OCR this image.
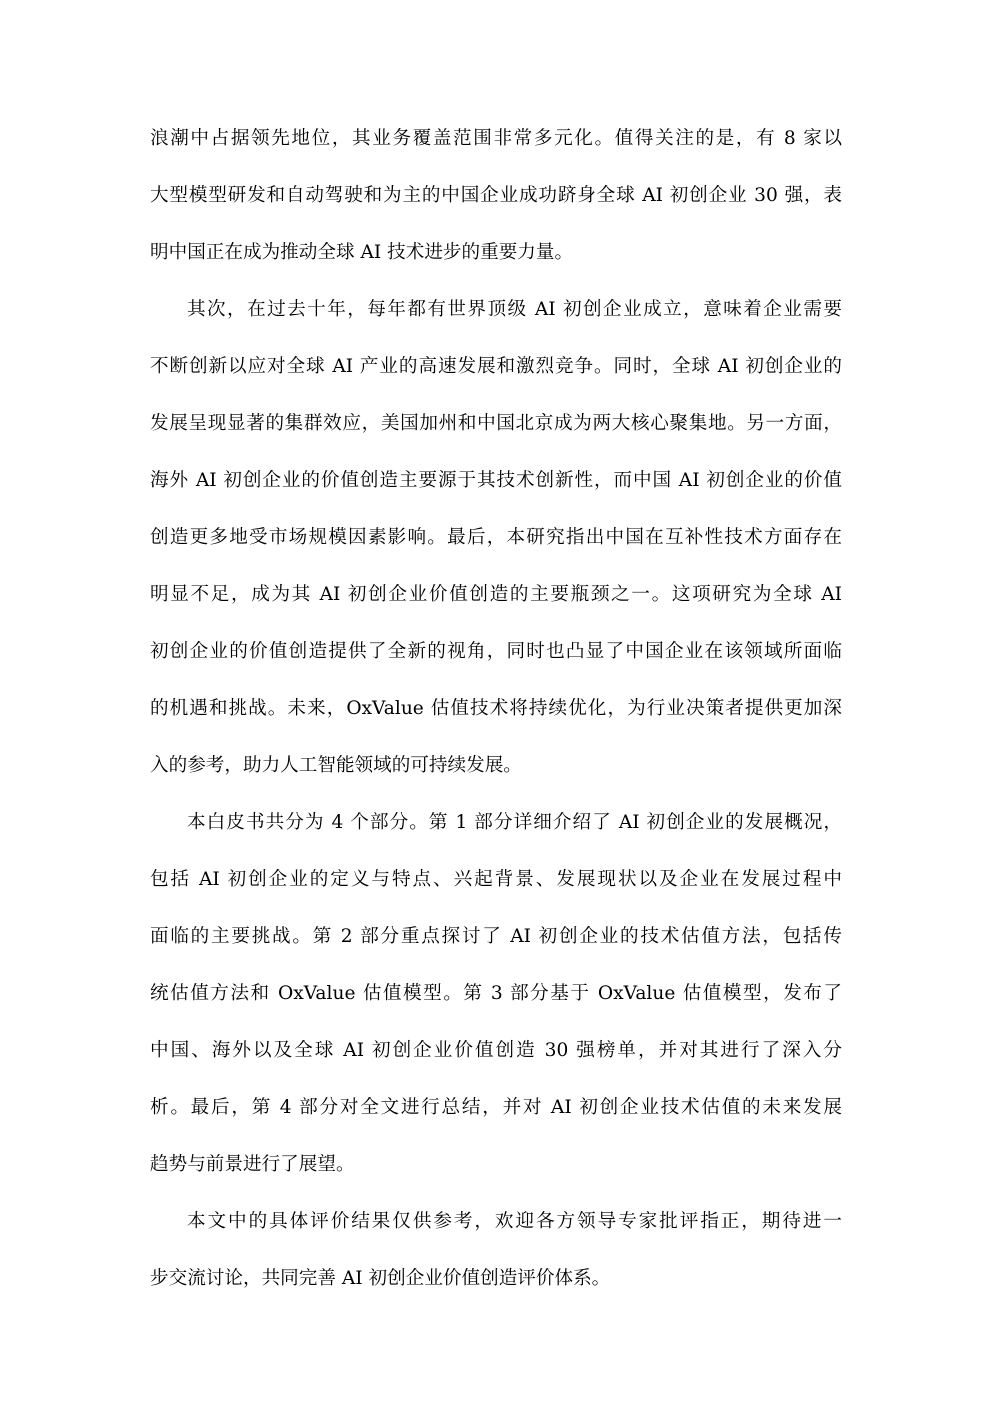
浪潮中占据领先地位，其业务覆盖范围非常多元化。值得关注的是，有 8 家以
大型模型研发和自动驾驶和为主的中国企业成功跻身全球 AI 初创企业 30 强，表
明中国正在成为推动全球 AI 技术进步的重要力量。
其次，在过去十年，每年都有世界顶级 AI 初创企业成立，意味着企业需要
不断创新以应对全球 AI 产业的高速发展和激烈竞争。同时，全球 AI 初创企业的
发展呈现显著的集群效应，美国加州和中国北京成为两大核心聚集地。另一方面，
海外 AI 初创企业的价值创造主要源于其技术创新性，而中国 AI 初创企业的价值
创造更多地受市场规模因素影响。最后，本研究指出中国在互补性技术方面存在
明显不足，成为其 AI 初创企业价值创造的主要瓶颈之一。这项研究为全球 AI
初创企业的价值创造提供了全新的视角，同时也凸显了中国企业在该领域所面临
的机遇和挑战。未来，OxValue 估值技术将持续优化，为行业决策者提供更加深
入的参考，助力人工智能领域的可持续发展。
本白皮书共分为 4 个部分。第 1 部分详细介绍了 AI 初创企业的发展概况，
包括 AI 初创企业的定义与特点、兴起背景、发展现状以及企业在发展过程中
面临的主要挑战。第 2 部分重点探讨了 AI 初创企业的技术估值方法，包括传
统估值方法和 OxValue 估值模型。第 3 部分基于 OxValue 估值模型，发布了
中国、海外以及全球 AI 初创企业价值创造 30 强榜单，并对其进行了深入分
析。最后，第 4 部分对全文进行总结，并对 AI 初创企业技术估值的未来发展
趋势与前景进行了展望。
本文中的具体评价结果仅供参考，欢迎各方领导专家批评指正，期待进一
步交流讨论，共同完善 AI 初创企业价值创造评价体系。
